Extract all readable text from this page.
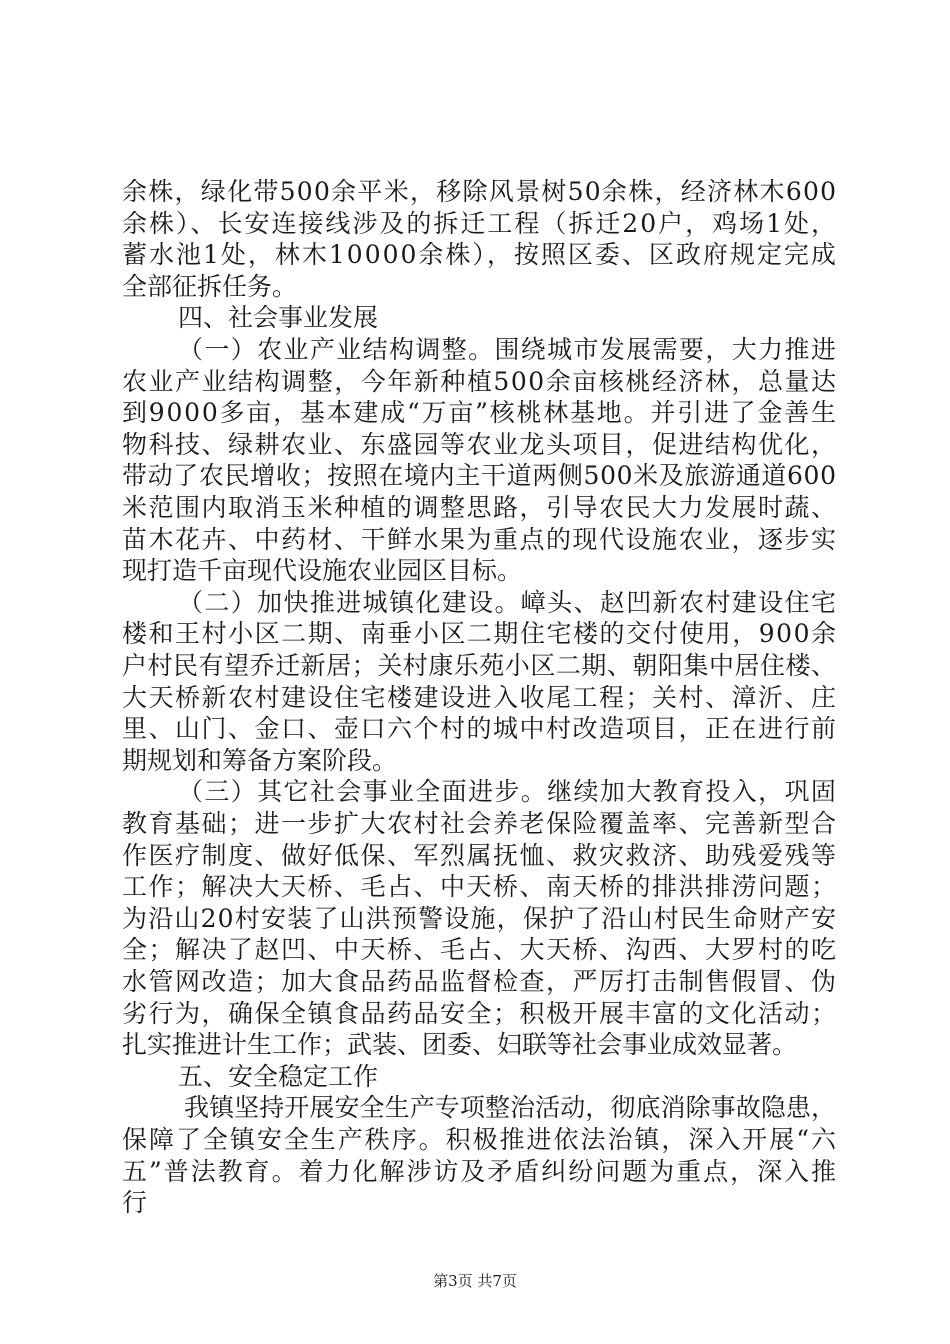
余株，绿化带500余平米，移除风景树50余株，经济林木600
余株）、长安连接线涉及的拆迁工程（拆迁20户，鸡场1处，
蓄水池1处，林木10000余株），按照区委、区政府规定完成
全部征拆任务。
四、社会事业发展
（一）农业产业结构调整。围绕城市发展需要，大力推进
农业产业结构调整，今年新种植500余亩核桃经济林，总量达
到9000多亩，基本建成“万亩”核桃林基地。并引进了金善生
物科技、绿耕农业、东盛园等农业龙头项目，促进结构优化，
带动了农民增收；按照在境内主干道两侧500米及旅游通道600
米范围内取消玉米种植的调整思路，引导农民大力发展时蔬、
苗木花卉、中药材、干鲜水果为重点的现代设施农业，逐步实
现打造千亩现代设施农业园区目标。
（二）加快推进城镇化建设。嶂头、赵凹新农村建设住宅
楼和王村小区二期、南垂小区二期住宅楼的交付使用，900余
户村民有望乔迁新居；关村康乐苑小区二期、朝阳集中居住楼、
大天桥新农村建设住宅楼建设进入收尾工程；关村、漳沂、庄
里、山门、金口、壶口六个村的城中村改造项目，正在进行前
期规划和筹备方案阶段。
（三）其它社会事业全面进步。继续加大教育投入，巩固
教育基础；进一步扩大农村社会养老保险覆盖率、完善新型合
作医疗制度、做好低保、军烈属抚恤、救灾救济、助残爱残等
工作；解决大天桥、毛占、中天桥、南天桥的排洪排涝问题；
为沿山20村安装了山洪预警设施，保护了沿山村民生命财产安
全；解决了赵凹、中天桥、毛占、大天桥、沟西、大罗村的吃
水管网改造；加大食品药品监督检查，严厉打击制售假冒、伪
劣行为，确保全镇食品药品安全；积极开展丰富的文化活动；
扎实推进计生工作；武装、团委、妇联等社会事业成效显著。
五、安全稳定工作
我镇坚持开展安全生产专项整治活动，彻底消除事故隐患，
保障了全镇安全生产秩序。积极推进依法治镇，深入开展“六
五”普法教育。着力化解涉访及矛盾纠纷问题为重点，深入推
行
第3页 共7页
